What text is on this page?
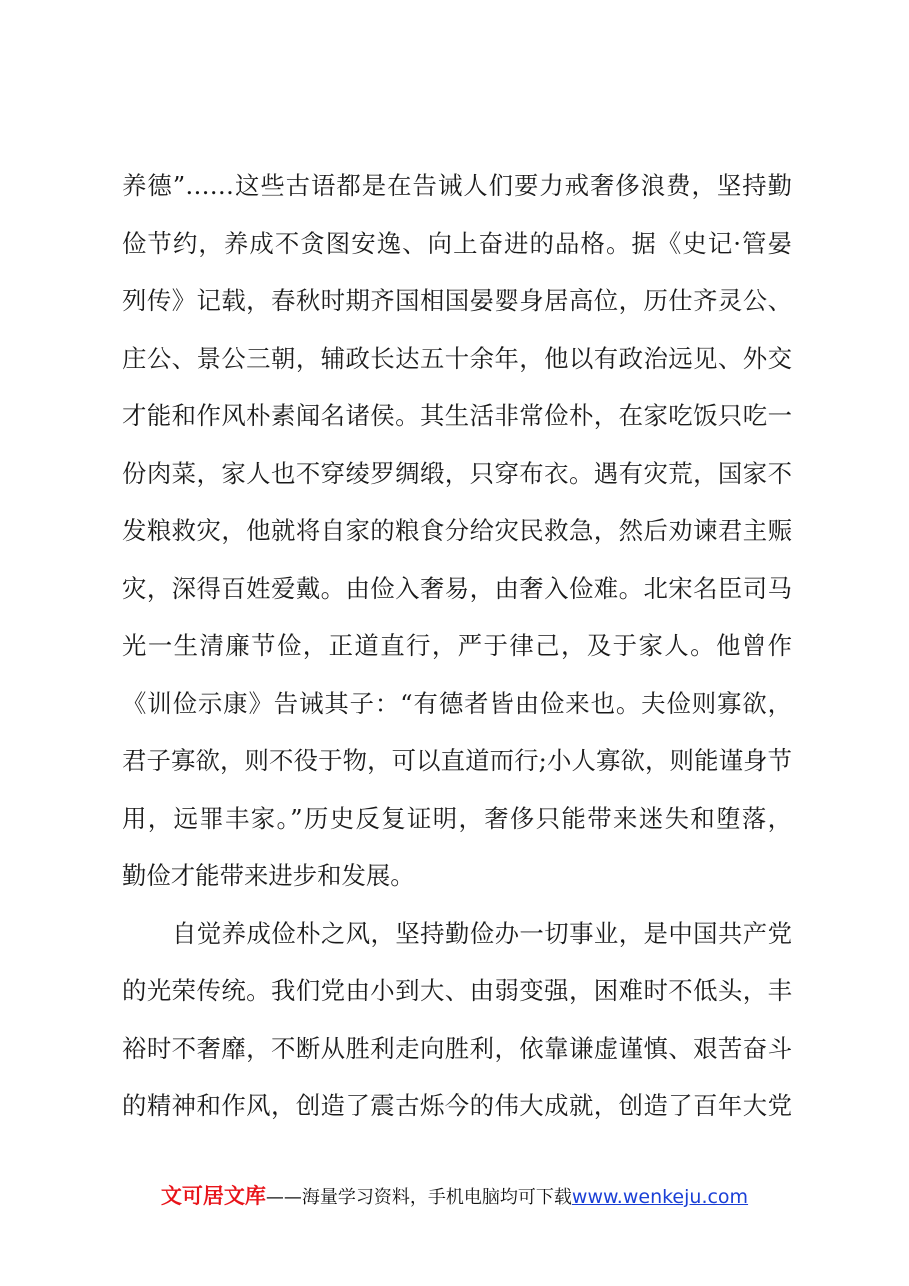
养德”……这些古语都是在告诫人们要力戒奢侈浪费，坚持勤
俭节约，养成不贪图安逸、向上奋进的品格。据《史记·管晏
列传》记载，春秋时期齐国相国晏婴身居高位，历仕齐灵公、
庄公、景公三朝，辅政长达五十余年，他以有政治远见、外交
才能和作风朴素闻名诸侯。其生活非常俭朴，在家吃饭只吃一
份肉菜，家人也不穿绫罗绸缎，只穿布衣。遇有灾荒，国家不
发粮救灾，他就将自家的粮食分给灾民救急，然后劝谏君主赈
灾，深得百姓爱戴。由俭入奢易，由奢入俭难。北宋名臣司马
光一生清廉节俭，正道直行，严于律己，及于家人。他曾作
《训俭示康》告诫其子：“有德者皆由俭来也。夫俭则寡欲，
君子寡欲，则不役于物，可以直道而行;小人寡欲，则能谨身节
用，远罪丰家。”历史反复证明，奢侈只能带来迷失和堕落，
勤俭才能带来进步和发展。
自觉养成俭朴之风，坚持勤俭办一切事业，是中国共产党
的光荣传统。我们党由小到大、由弱变强，困难时不低头，丰
裕时不奢靡，不断从胜利走向胜利，依靠谦虚谨慎、艰苦奋斗
的精神和作风，创造了震古烁今的伟大成就，创造了百年大党
文可居文库——海量学习资料，手机电脑均可下载www.wenkeju.com
